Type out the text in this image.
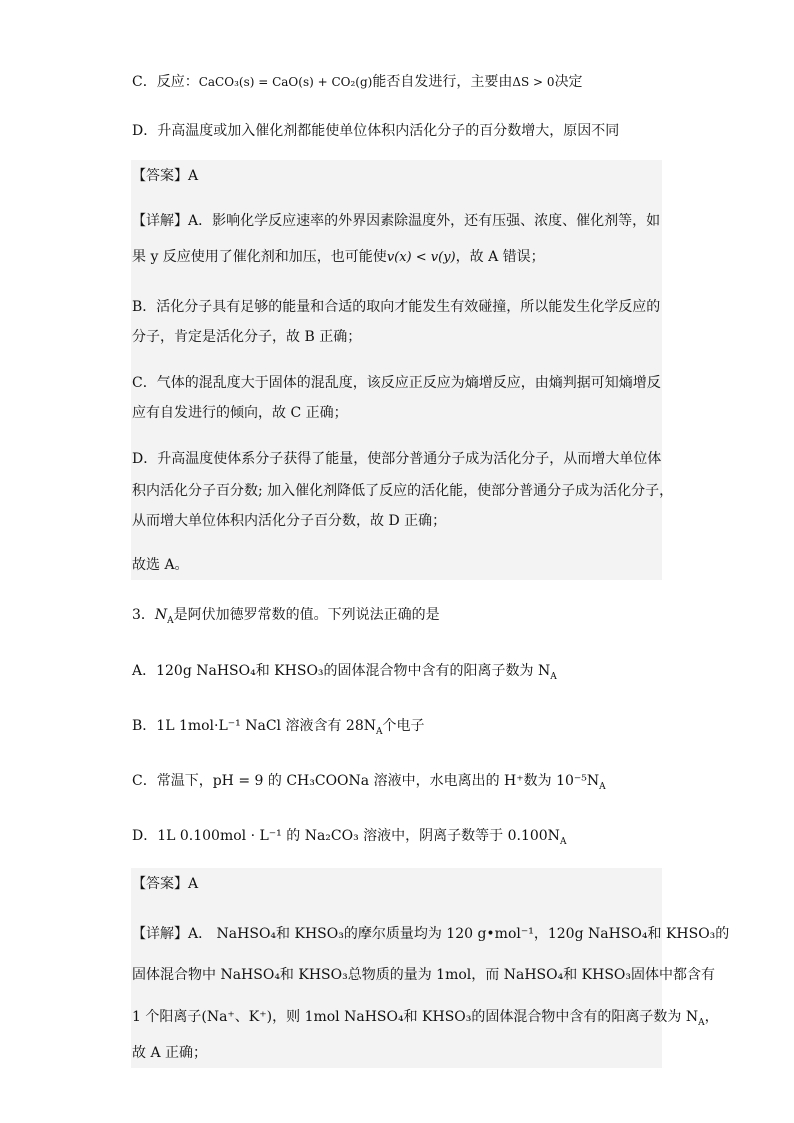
C．反应：CaCO₃(s) = CaO(s) + CO₂(g)能否自发进行，主要由ΔS > 0决定
D．升高温度或加入催化剂都能使单位体积内活化分子的百分数增大，原因不同
【答案】A
【详解】A．影响化学反应速率的外界因素除温度外，还有压强、浓度、催化剂等，如
果 y 反应使用了催化剂和加压，也可能使v(x) < v(y)，故 A 错误；
B．活化分子具有足够的能量和合适的取向才能发生有效碰撞，所以能发生化学反应的
分子，肯定是活化分子，故 B 正确；
C．气体的混乱度大于固体的混乱度，该反应正反应为熵增反应，由熵判据可知熵增反
应有自发进行的倾向，故 C 正确；
D．升高温度使体系分子获得了能量，使部分普通分子成为活化分子，从而增大单位体
积内活化分子百分数; 加入催化剂降低了反应的活化能，使部分普通分子成为活化分子，
从而增大单位体积内活化分子百分数，故 D 正确；
故选 A。
3．$N_A$是阿伏加德罗常数的值。下列说法正确的是
A．120g NaHSO₄和 KHSO₃的固体混合物中含有的阳离子数为 $N_A$
B．1L 1mol·L⁻¹ NaCl 溶液含有 $28N_A$个电子
C．常温下，pH = 9 的 CH₃COONa 溶液中，水电离出的 H⁺数为 $10^{-5}N_A$
D．1L 0.100mol · L⁻¹ 的 Na₂CO₃ 溶液中，阴离子数等于 $0.100N_A$
【答案】A
【详解】A． NaHSO₄和 KHSO₃的摩尔质量均为 120 g•mol⁻¹，120g NaHSO₄和 KHSO₃的
固体混合物中 NaHSO₄和 KHSO₃总物质的量为 1mol，而 NaHSO₄和 KHSO₃固体中都含有
1 个阳离子(Na⁺、K⁺)，则 1mol NaHSO₄和 KHSO₃的固体混合物中含有的阳离子数为 $N_A$，
故 A 正确；
